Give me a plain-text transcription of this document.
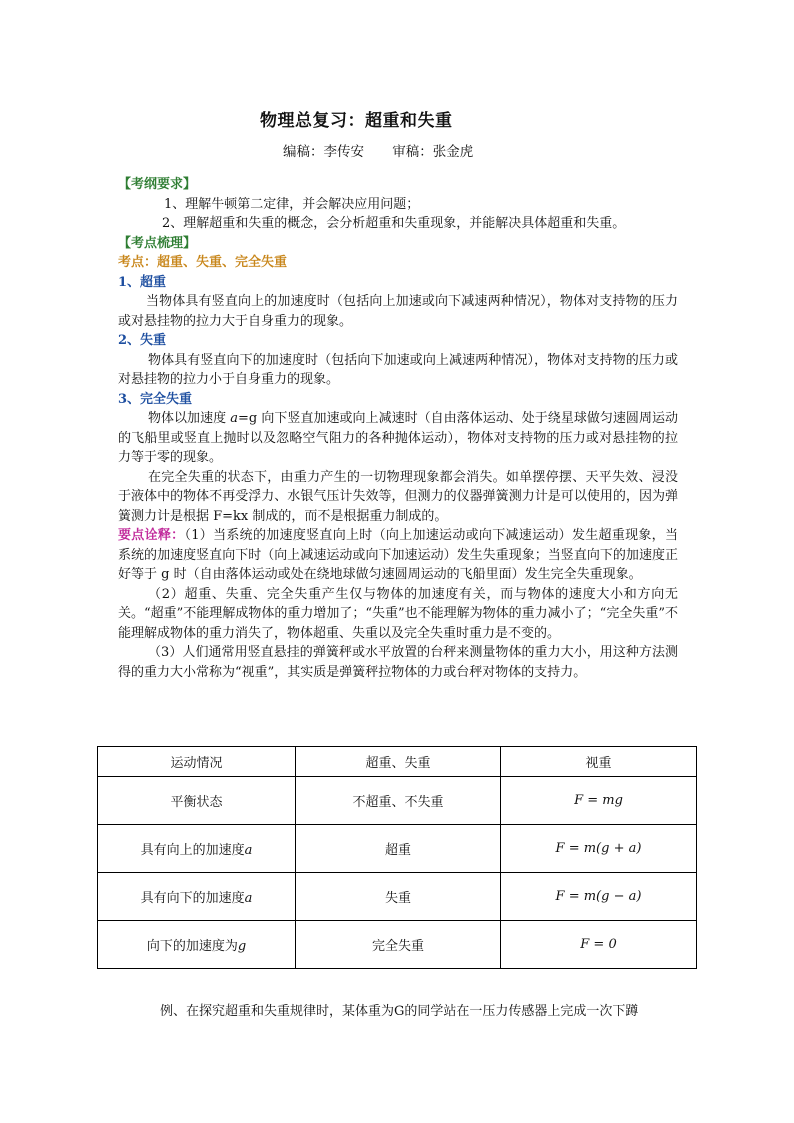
物理总复习：超重和失重
编稿：李传安 审稿：张金虎

【考纲要求】

1、理解牛顿第二定律，并会解决应用问题；

2、理解超重和失重的概念，会分析超重和失重现象，并能解决具体超重和失重。

【考点梳理】

考点：超重、失重、完全失重

1、超重

当物体具有竖直向上的加速度时（包括向上加速或向下减速两种情况），物体对支持物的压力或对悬挂物的拉力大于自身重力的现象。

2、失重

物体具有竖直向下的加速度时（包括向下加速或向上减速两种情况），物体对支持物的压力或对悬挂物的拉力小于自身重力的现象。

3、完全失重

物体以加速度 a=g 向下竖直加速或向上减速时（自由落体运动、处于绕星球做匀速圆周运动的飞船里或竖直上抛时以及忽略空气阻力的各种抛体运动），物体对支持物的压力或对悬挂物的拉力等于零的现象。

在完全失重的状态下，由重力产生的一切物理现象都会消失。如单摆停摆、天平失效、浸没于液体中的物体不再受浮力、水银气压计失效等，但测力的仪器弹簧测力计是可以使用的，因为弹簧测力计是根据 F=kx 制成的，而不是根据重力制成的。

要点诠释：（1）当系统的加速度竖直向上时（向上加速运动或向下减速运动）发生超重现象，当系统的加速度竖直向下时（向上减速运动或向下加速运动）发生失重现象；当竖直向下的加速度正好等于 g 时（自由落体运动或处在绕地球做匀速圆周运动的飞船里面）发生完全失重现象。

（2）超重、失重、完全失重产生仅与物体的加速度有关，而与物体的速度大小和方向无关。“超重”不能理解成物体的重力增加了；“失重”也不能理解为物体的重力减小了；“完全失重”不能理解成物体的重力消失了，物体超重、失重以及完全失重时重力是不变的。

（3）人们通常用竖直悬挂的弹簧秤或水平放置的台秤来测量物体的重力大小，用这种方法测得的重力大小常称为“视重”，其实质是弹簧秤拉物体的力或台秤对物体的支持力。

运动情况	超重、失重	视重
平衡状态	不超重、不失重	F = mg
具有向上的加速度a	超重	F = m(g + a)
具有向下的加速度a	失重	F = m(g − a)
向下的加速度为g	完全失重	F = 0
例、在探究超重和失重规律时，某体重为G的同学站在一压力传感器上完成一次下蹲
